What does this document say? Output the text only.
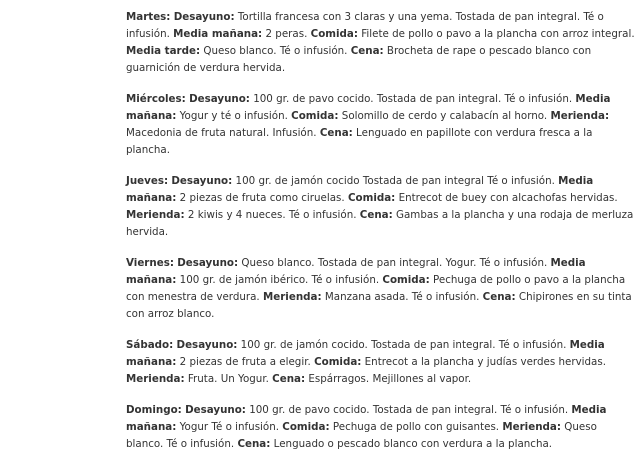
Martes: Desayuno: Tortilla francesa con 3 claras y una yema. Tostada de pan integral. Té o infusión. Media mañana: 2 peras. Comida: Filete de pollo o pavo a la plancha con arroz integral. Media tarde: Queso blanco. Té o infusión. Cena: Brocheta de rape o pescado blanco con guarnición de verdura hervida.

Miércoles: Desayuno: 100 gr. de pavo cocido. Tostada de pan integral. Té o infusión. Media mañana: Yogur y té o infusión. Comida: Solomillo de cerdo y calabacín al horno. Merienda: Macedonia de fruta natural. Infusión. Cena: Lenguado en papillote con verdura fresca a la plancha.

Jueves: Desayuno: 100 gr. de jamón cocido Tostada de pan integral Té o infusión. Media mañana: 2 piezas de fruta como ciruelas. Comida: Entrecot de buey con alcachofas hervidas. Merienda: 2 kiwis y 4 nueces. Té o infusión. Cena: Gambas a la plancha y una rodaja de merluza hervida.

Viernes: Desayuno: Queso blanco. Tostada de pan integral. Yogur. Té o infusión. Media mañana: 100 gr. de jamón ibérico. Té o infusión. Comida: Pechuga de pollo o pavo a la plancha con menestra de verdura. Merienda: Manzana asada. Té o infusión. Cena: Chipirones en su tinta con arroz blanco.

Sábado: Desayuno: 100 gr. de jamón cocido. Tostada de pan integral. Té o infusión. Media mañana: 2 piezas de fruta a elegir. Comida: Entrecot a la plancha y judías verdes hervidas. Merienda: Fruta. Un Yogur. Cena: Espárragos. Mejillones al vapor.

Domingo: Desayuno: 100 gr. de pavo cocido. Tostada de pan integral. Té o infusión. Media mañana: Yogur Té o infusión. Comida: Pechuga de pollo con guisantes. Merienda: Queso blanco. Té o infusión. Cena: Lenguado o pescado blanco con verdura a la plancha.
